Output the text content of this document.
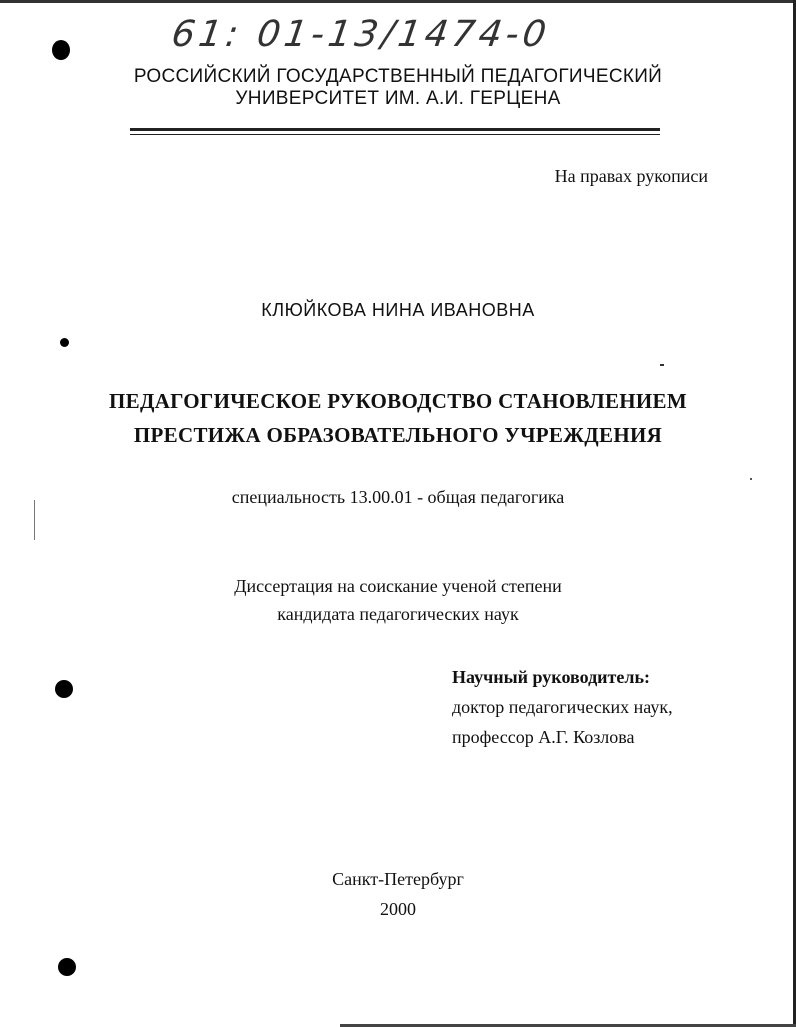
61: 01-13/1474-0
РОССИЙСКИЙ ГОСУДАРСТВЕННЫЙ ПЕДАГОГИЧЕСКИЙ
УНИВЕРСИТЕТ ИМ. А.И. ГЕРЦЕНА
На правах рукописи
КЛЮЙКОВА НИНА ИВАНОВНА
ПЕДАГОГИЧЕСКОЕ РУКОВОДСТВО СТАНОВЛЕНИЕМ
ПРЕСТИЖА ОБРАЗОВАТЕЛЬНОГО УЧРЕЖДЕНИЯ
специальность 13.00.01 - общая педагогика
Диссертация на соискание ученой степени
кандидата педагогических наук
Научный руководитель:
доктор педагогических наук,
профессор А.Г. Козлова
Санкт-Петербург
2000
